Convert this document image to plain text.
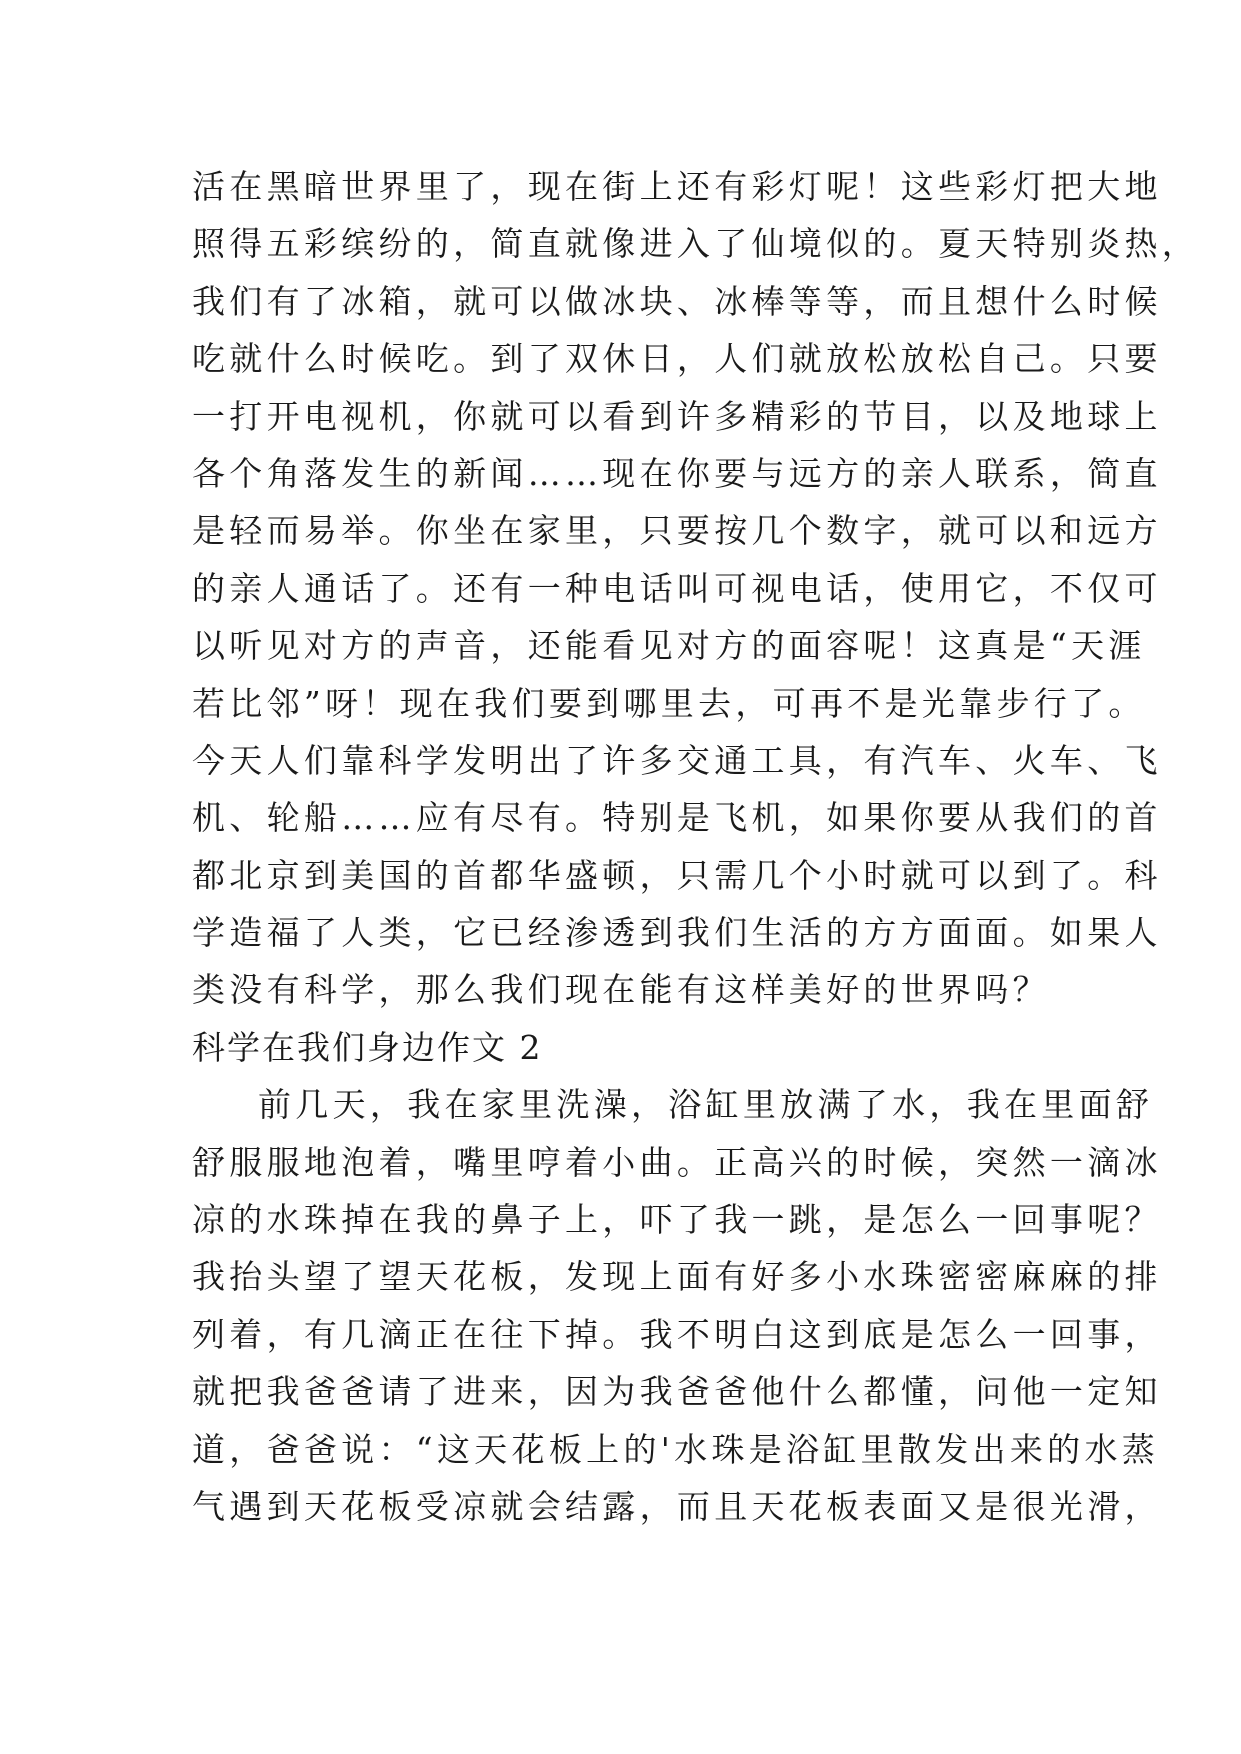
活在黑暗世界里了，现在街上还有彩灯呢！这些彩灯把大地
照得五彩缤纷的，简直就像进入了仙境似的。夏天特别炎热，
我们有了冰箱，就可以做冰块、冰棒等等，而且想什么时候
吃就什么时候吃。到了双休日，人们就放松放松自己。只要
一打开电视机，你就可以看到许多精彩的节目，以及地球上
各个角落发生的新闻……现在你要与远方的亲人联系，简直
是轻而易举。你坐在家里，只要按几个数字，就可以和远方
的亲人通话了。还有一种电话叫可视电话，使用它，不仅可
以听见对方的声音，还能看见对方的面容呢！这真是“天涯
若比邻”呀！现在我们要到哪里去，可再不是光靠步行了。
今天人们靠科学发明出了许多交通工具，有汽车、火车、飞
机、轮船……应有尽有。特别是飞机，如果你要从我们的首
都北京到美国的首都华盛顿，只需几个小时就可以到了。科
学造福了人类，它已经渗透到我们生活的方方面面。如果人
类没有科学，那么我们现在能有这样美好的世界吗？
科学在我们身边作文 2
前几天，我在家里洗澡，浴缸里放满了水，我在里面舒
舒服服地泡着，嘴里哼着小曲。正高兴的时候，突然一滴冰
凉的水珠掉在我的鼻子上，吓了我一跳，是怎么一回事呢？
我抬头望了望天花板，发现上面有好多小水珠密密麻麻的排
列着，有几滴正在往下掉。我不明白这到底是怎么一回事，
就把我爸爸请了进来，因为我爸爸他什么都懂，问他一定知
道，爸爸说：“这天花板上的'水珠是浴缸里散发出来的水蒸
气遇到天花板受凉就会结露，而且天花板表面又是很光滑，
